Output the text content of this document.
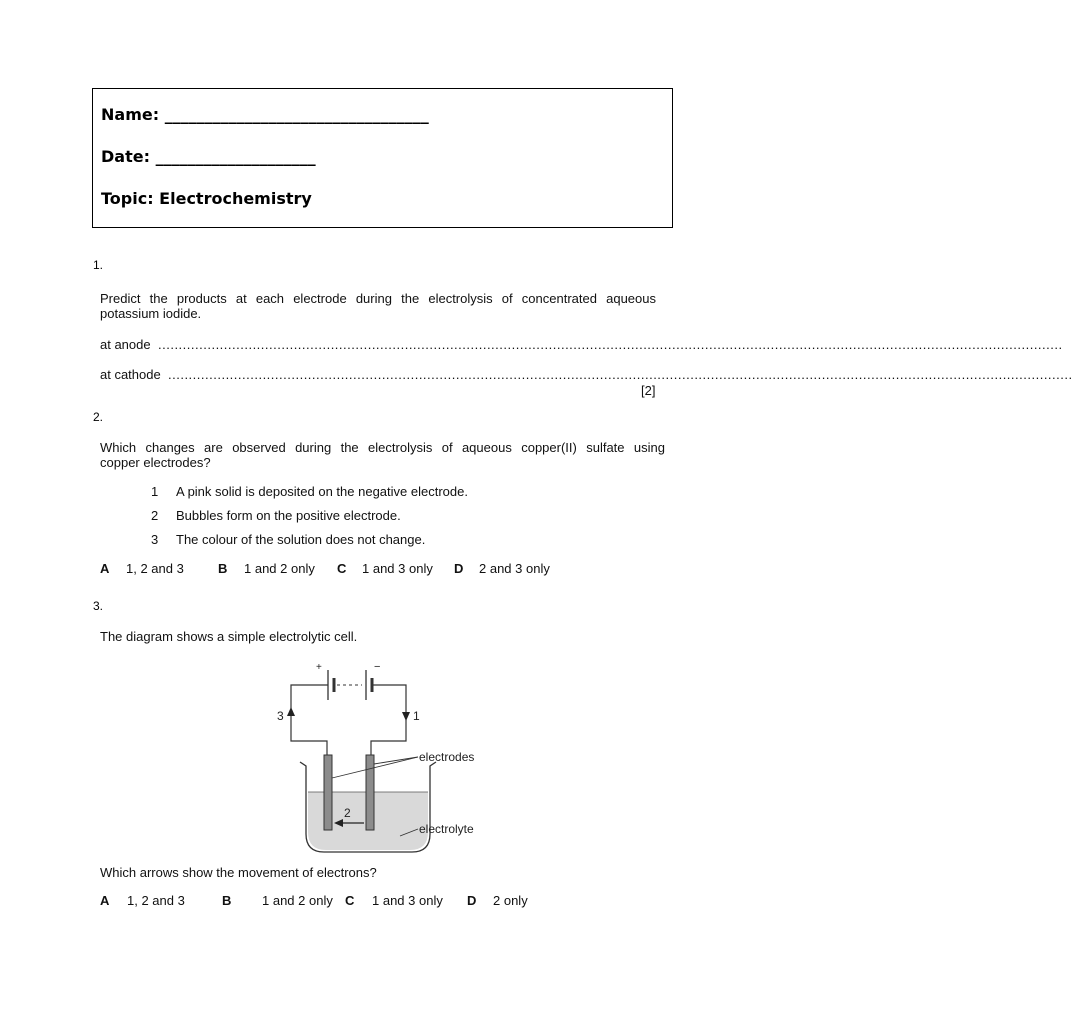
Name: _________________________________
Date: ____________________
Topic: Electrochemistry
1.
Predict the products at each electrode during the electrolysis of concentrated aqueous
potassium iodide.
at anode ............................................................................................................................................................................................................................
at cathode ............................................................................................................................................................................................................................
[2]
2.
Which changes are observed during the electrolysis of aqueous copper(II) sulfate using
copper electrodes?
1 A pink solid is deposited on the negative electrode.
2 Bubbles form on the positive electrode.
3 The colour of the solution does not change.
A 1, 2 and 3	B 1 and 2 only C 1 and 3 only D 2 and 3 only
3.
The diagram shows a simple electrolytic cell.
+	−
3	1
2
electrodes
electrolyte
Which arrows show the movement of electrons?
A 1, 2 and 3	B 1 and 2 only C 1 and 3 only D 2 only
